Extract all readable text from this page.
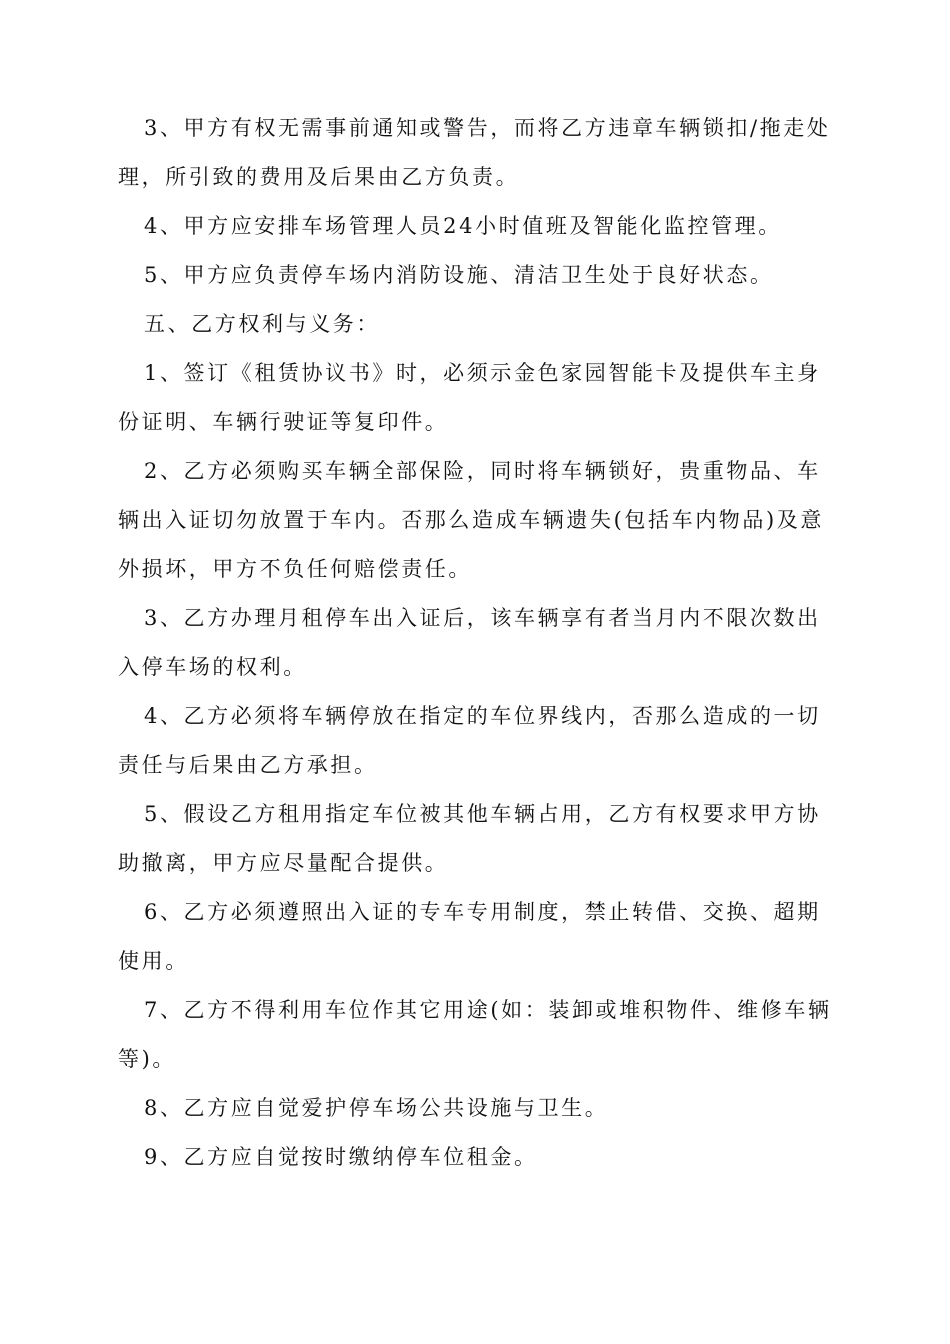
3、甲方有权无需事前通知或警告，而将乙方违章车辆锁扣/拖走处理，所引致的费用及后果由乙方负责。

4、甲方应安排车场管理人员24小时值班及智能化监控管理。

5、甲方应负责停车场内消防设施、清洁卫生处于良好状态。

五、乙方权利与义务：

1、签订《租赁协议书》时，必须示金色家园智能卡及提供车主身份证明、车辆行驶证等复印件。

2、乙方必须购买车辆全部保险，同时将车辆锁好，贵重物品、车辆出入证切勿放置于车内。否那么造成车辆遗失(包括车内物品)及意外损坏，甲方不负任何赔偿责任。

3、乙方办理月租停车出入证后，该车辆享有者当月内不限次数出入停车场的权利。

4、乙方必须将车辆停放在指定的车位界线内，否那么造成的一切责任与后果由乙方承担。

5、假设乙方租用指定车位被其他车辆占用，乙方有权要求甲方协助撤离，甲方应尽量配合提供。

6、乙方必须遵照出入证的专车专用制度，禁止转借、交换、超期使用。

7、乙方不得利用车位作其它用途(如：装卸或堆积物件、维修车辆等)。

8、乙方应自觉爱护停车场公共设施与卫生。

9、乙方应自觉按时缴纳停车位租金。
